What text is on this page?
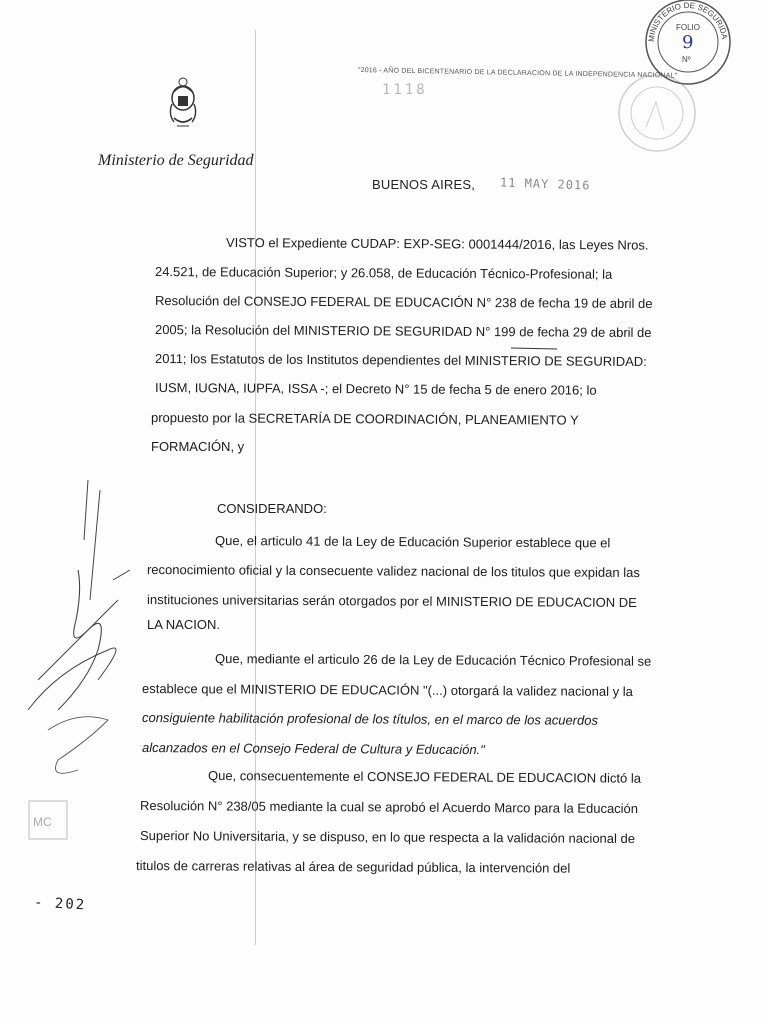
Ministerio de Seguridad
"2016 - AÑO DEL BICENTENARIO DE LA DECLARACION DE LA INDEPENDENCIA NACIONAL"
1118
MINISTERIO DE SEGURIDA
FOLIO
9
Nº
BUENOS AIRES, 11 MAY 2016
VISTO el Expediente CUDAP: EXP-SEG: 0001444/2016, las Leyes Nros.
24.521, de Educación Superior; y 26.058, de Educación Técnico-Profesional; la
Resolución del CONSEJO FEDERAL DE EDUCACIÓN N° 238 de fecha 19 de abril de
2005; la Resolución del MINISTERIO DE SEGURIDAD N° 199 de fecha 29 de abril de
2011; los Estatutos de los Institutos dependientes del MINISTERIO DE SEGURIDAD:
IUSM, IUGNA, IUPFA, ISSA -; el Decreto N° 15 de fecha 5 de enero 2016; lo
propuesto por la SECRETARÍA DE COORDINACIÓN, PLANEAMIENTO Y
FORMACIÓN, y
CONSIDERANDO:
Que, el articulo 41 de la Ley de Educación Superior establece que el
reconocimiento oficial y la consecuente validez nacional de los titulos que expidan las
instituciones universitarias serán otorgados por el MINISTERIO DE EDUCACION DE
LA NACION.
Que, mediante el articulo 26 de la Ley de Educación Técnico Profesional se
establece que el MINISTERIO DE EDUCACIÓN "(...) otorgará la validez nacional y la
consiguiente habilitación profesional de los títulos, en el marco de los acuerdos
alcanzados en el Consejo Federal de Cultura y Educación."
Que, consecuentemente el CONSEJO FEDERAL DE EDUCACION dictó la
Resolución N° 238/05 mediante la cual se aprobó el Acuerdo Marco para la Educación
Superior No Universitaria, y se dispuso, en lo que respecta a la validación nacional de
titulos de carreras relativas al área de seguridad pública, la intervención del
MC
- 202
